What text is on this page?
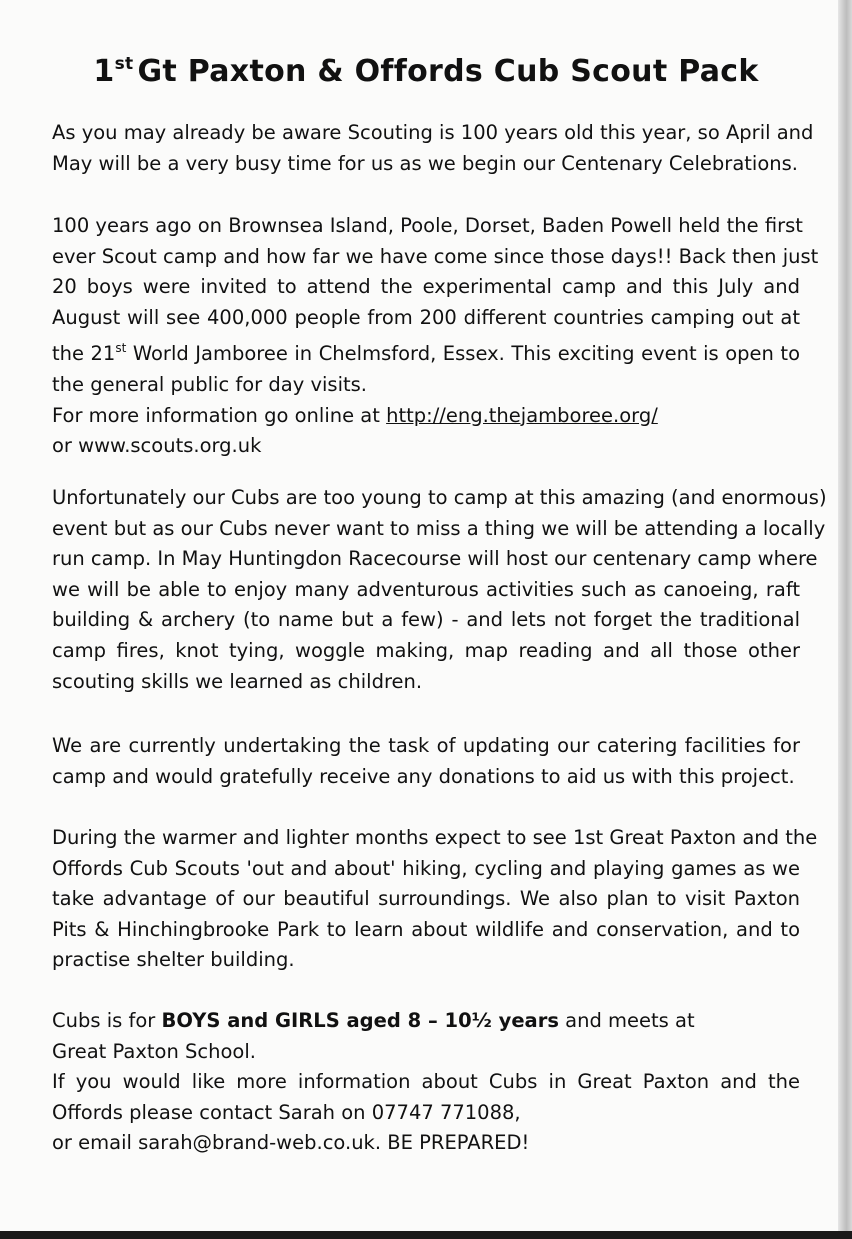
1st Gt Paxton & Offords Cub Scout Pack
As you may already be aware Scouting is 100 years old this year, so April and
May will be a very busy time for us as we begin our Centenary Celebrations.
100 years ago on Brownsea Island, Poole, Dorset, Baden Powell held the first
ever Scout camp and how far we have come since those days!! Back then just
20 boys were invited to attend the experimental camp and this July and
August will see 400,000 people from 200 different countries camping out at
the 21st World Jamboree in Chelmsford, Essex. This exciting event is open to
the general public for day visits.
For more information go online at http://eng.thejamboree.org/
or www.scouts.org.uk
Unfortunately our Cubs are too young to camp at this amazing (and enormous)
event but as our Cubs never want to miss a thing we will be attending a locally
run camp. In May Huntingdon Racecourse will host our centenary camp where
we will be able to enjoy many adventurous activities such as canoeing, raft
building & archery (to name but a few) - and lets not forget the traditional
camp fires, knot tying, woggle making, map reading and all those other
scouting skills we learned as children.
We are currently undertaking the task of updating our catering facilities for
camp and would gratefully receive any donations to aid us with this project.
During the warmer and lighter months expect to see 1st Great Paxton and the
Offords Cub Scouts 'out and about' hiking, cycling and playing games as we
take advantage of our beautiful surroundings. We also plan to visit Paxton
Pits & Hinchingbrooke Park to learn about wildlife and conservation, and to
practise shelter building.
Cubs is for BOYS and GIRLS aged 8 – 10½ years and meets at
Great Paxton School.
If you would like more information about Cubs in Great Paxton and the
Offords please contact Sarah on 07747 771088,
or email sarah@brand-web.co.uk. BE PREPARED!
